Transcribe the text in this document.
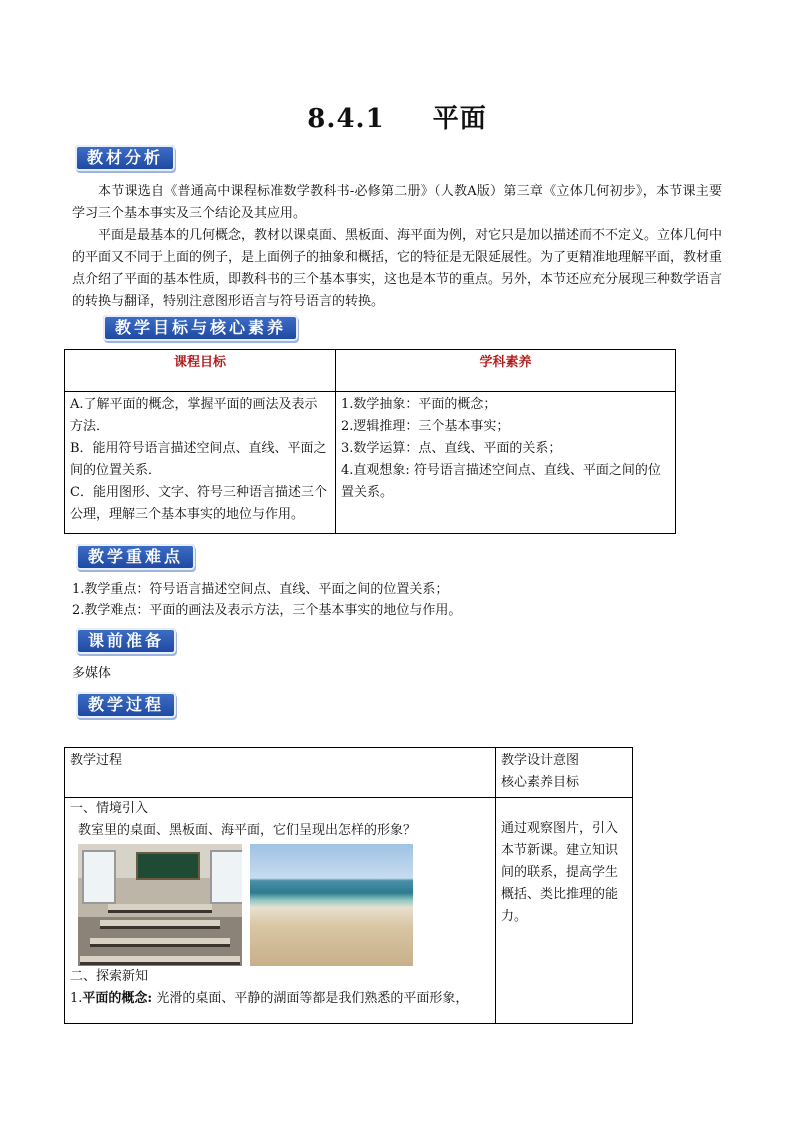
8.4.1 平面
教材分析

本节课选自《普通高中课程标准数学教科书-必修第二册》（人教A版）第三章《立体几何初步》，本节课主要学习三个基本事实及三个结论及其应用。

平面是最基本的几何概念，教材以课桌面、黑板面、海平面为例，对它只是加以描述而不不定义。立体几何中的平面又不同于上面的例子，是上面例子的抽象和概括，它的特征是无限延展性。为了更精准地理解平面，教材重点介绍了平面的基本性质，即教科书的三个基本事实，这也是本节的重点。另外，本节还应充分展现三种数学语言的转换与翻译，特别注意图形语言与符号语言的转换。

教学目标与核心素养
课程目标	学科素养
A.了解平面的概念，掌握平面的画法及表示方法．
B．能用符号语言描述空间点、直线、平面之间的位置关系．
C．能用图形、文字、符号三种语言描述三个公理，理解三个基本事实的地位与作用。	1.数学抽象：平面的概念；
2.逻辑推理：三个基本事实；
3.数学运算：点、直线、平面的关系；
4.直观想象: 符号语言描述空间点、直线、平面之间的位置关系。
教学重难点
1.教学重点：符号语言描述空间点、直线、平面之间的位置关系；
2.教学难点：平面的画法及表示方法，三个基本事实的地位与作用。
课前准备
多媒体
教学过程
教学过程	教学设计意图
核心素养目标

一、情境引入
教室里的桌面、黑板面、海平面，它们呈现出怎样的形象？

二、探索新知
1.平面的概念: 光滑的桌面、平静的湖面等都是我们熟悉的平面形象，	通过观察图片，引入本节新课。建立知识间的联系，提高学生概括、类比推理的能力。
